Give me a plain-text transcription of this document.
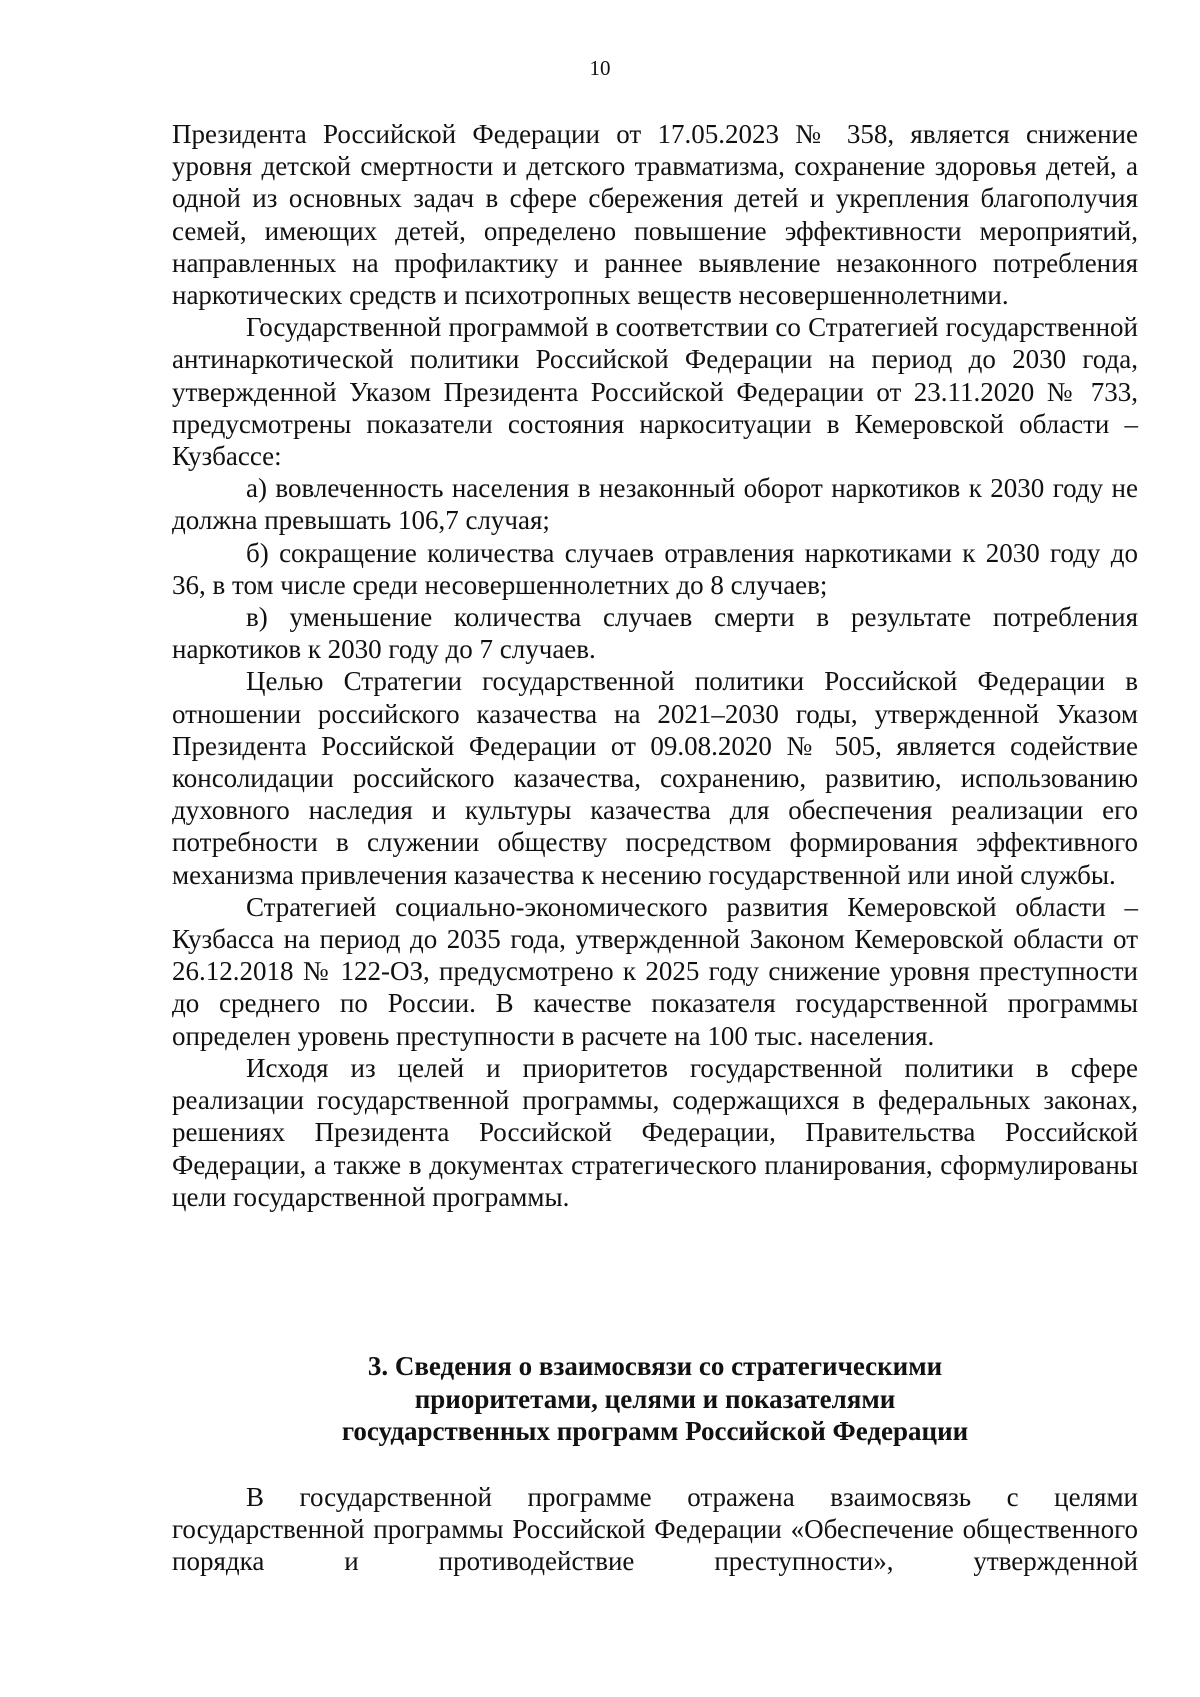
10

Президента Российской Федерации от 17.05.2023 № 358, является снижение уровня детской смертности и детского травматизма, сохранение здоровья детей, а одной из основных задач в сфере сбережения детей и укрепления благополучия семей, имеющих детей, определено повышение эффективности мероприятий, направленных на профилактику и раннее выявление незаконного потребления наркотических средств и психотропных веществ несовершеннолетними.

Государственной программой в соответствии со Стратегией государственной антинаркотической политики Российской Федерации на период до 2030 года, утвержденной Указом Президента Российской Федерации от 23.11.2020 № 733, предусмотрены показатели состояния наркоситуации в Кемеровской области – Кузбассе:

а) вовлеченность населения в незаконный оборот наркотиков к 2030 году не должна превышать 106,7 случая;

б) сокращение количества случаев отравления наркотиками к 2030 году до 36, в том числе среди несовершеннолетних до 8 случаев;

в) уменьшение количества случаев смерти в результате потребления наркотиков к 2030 году до 7 случаев.

Целью Стратегии государственной политики Российской Федерации в отношении российского казачества на 2021–2030 годы, утвержденной Указом Президента Российской Федерации от 09.08.2020 № 505, является содействие консолидации российского казачества, сохранению, развитию, использованию духовного наследия и культуры казачества для обеспечения реализации его потребности в служении обществу посредством формирования эффективного механизма привлечения казачества к несению государственной или иной службы.

Стратегией социально-экономического развития Кемеровской области – Кузбасса на период до 2035 года, утвержденной Законом Кемеровской области от 26.12.2018 № 122-ОЗ, предусмотрено к 2025 году снижение уровня преступности до среднего по России. В качестве показателя государственной программы определен уровень преступности в расчете на 100 тыс. населения.

Исходя из целей и приоритетов государственной политики в сфере реализации государственной программы, содержащихся в федеральных законах, решениях Президента Российской Федерации, Правительства Российской Федерации, а также в документах стратегического планирования, сформулированы цели государственной программы.

3. Сведения о взаимосвязи со стратегическими
приоритетами, целями и показателями
государственных программ Российской Федерации

В государственной программе отражена взаимосвязь с целями государственной программы Российской Федерации «Обеспечение общественного порядка и противодействие преступности», утвержденной
